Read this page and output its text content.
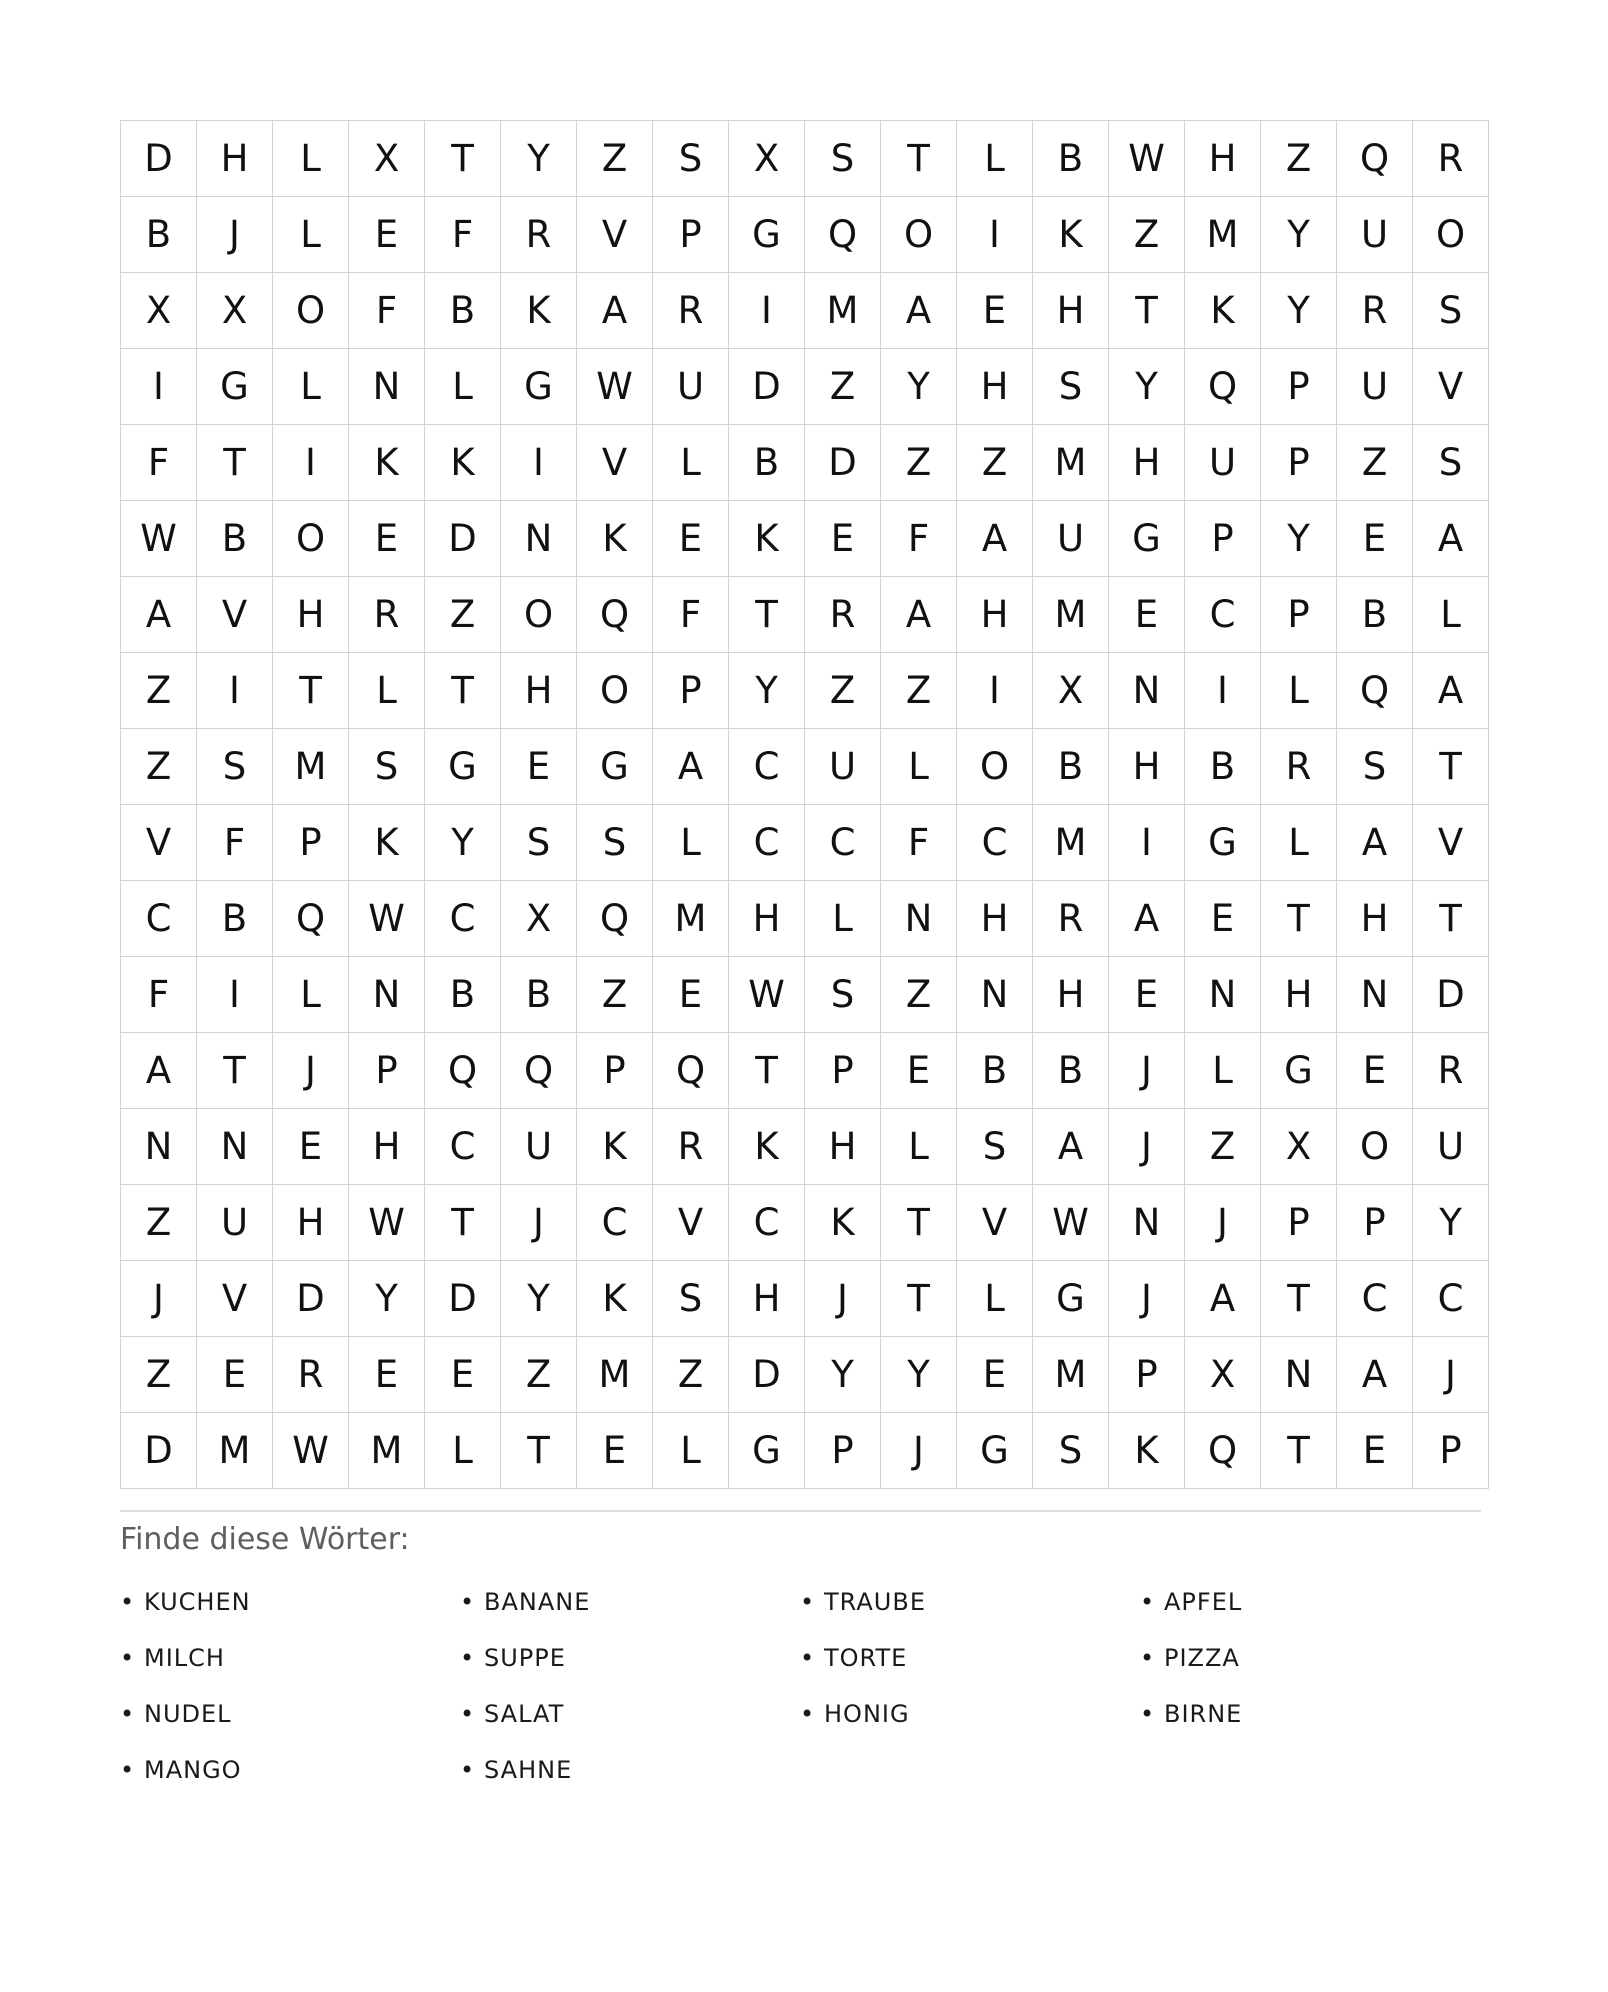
D	H	L	X	T	Y	Z	S	X	S	T	L	B	W	H	Z	Q	R
B	J	L	E	F	R	V	P	G	Q	O	I	K	Z	M	Y	U	O
X	X	O	F	B	K	A	R	I	M	A	E	H	T	K	Y	R	S
I	G	L	N	L	G	W	U	D	Z	Y	H	S	Y	Q	P	U	V
F	T	I	K	K	I	V	L	B	D	Z	Z	M	H	U	P	Z	S
W	B	O	E	D	N	K	E	K	E	F	A	U	G	P	Y	E	A
A	V	H	R	Z	O	Q	F	T	R	A	H	M	E	C	P	B	L
Z	I	T	L	T	H	O	P	Y	Z	Z	I	X	N	I	L	Q	A
Z	S	M	S	G	E	G	A	C	U	L	O	B	H	B	R	S	T
V	F	P	K	Y	S	S	L	C	C	F	C	M	I	G	L	A	V
C	B	Q	W	C	X	Q	M	H	L	N	H	R	A	E	T	H	T
F	I	L	N	B	B	Z	E	W	S	Z	N	H	E	N	H	N	D
A	T	J	P	Q	Q	P	Q	T	P	E	B	B	J	L	G	E	R
N	N	E	H	C	U	K	R	K	H	L	S	A	J	Z	X	O	U
Z	U	H	W	T	J	C	V	C	K	T	V	W	N	J	P	P	Y
J	V	D	Y	D	Y	K	S	H	J	T	L	G	J	A	T	C	C
Z	E	R	E	E	Z	M	Z	D	Y	Y	E	M	P	X	N	A	J
D	M	W	M	L	T	E	L	G	P	J	G	S	K	Q	T	E	P
Finde diese Wörter:
• KUCHEN	• BANANE	• TRAUBE	• APFEL
• MILCH	• SUPPE	• TORTE	• PIZZA
• NUDEL	• SALAT	• HONIG	• BIRNE
• MANGO	• SAHNE
